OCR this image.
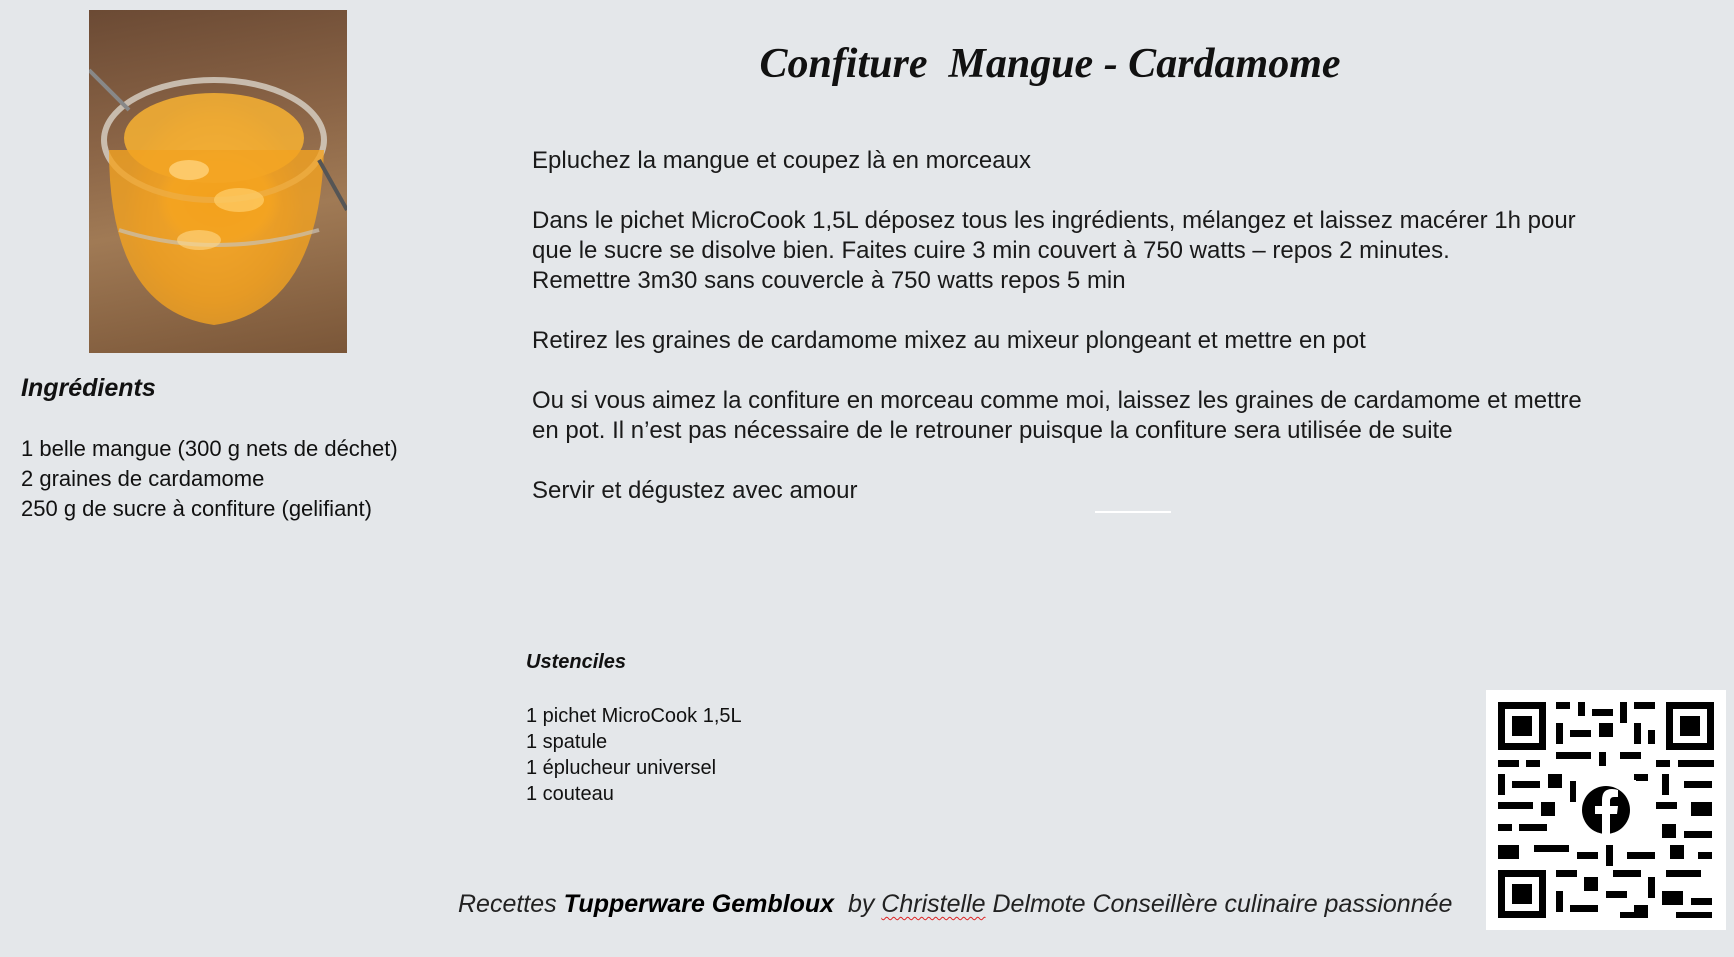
Confiture  Mangue - Cardamome

Epluchez la mangue et coupez là en morceaux

Dans le pichet MicroCook 1,5L déposez tous les ingrédients, mélangez et laissez macérer 1h pour que le sucre se disolve bien. Faites cuire 3 min couvert à 750 watts – repos 2 minutes.

Remettre 3m30 sans couvercle à 750 watts repos 5 min

Retirez les graines de cardamome mixez au mixeur plongeant et mettre en pot

Ou si vous aimez la confiture en morceau comme moi, laissez les graines de cardamome et mettre en pot. Il n’est pas nécessaire de le retrouner puisque la confiture sera utilisée de suite

Servir et dégustez avec amour

Ingrédients
1 belle mangue (300 g nets de déchet)
2 graines de cardamome
250 g de sucre à confiture (gelifiant)
Ustenciles
1 pichet MicroCook 1,5L
1 spatule
1 éplucheur universel
1 couteau
Recettes Tupperware Gembloux  by Christelle Delmote Conseillère culinaire passionnée
